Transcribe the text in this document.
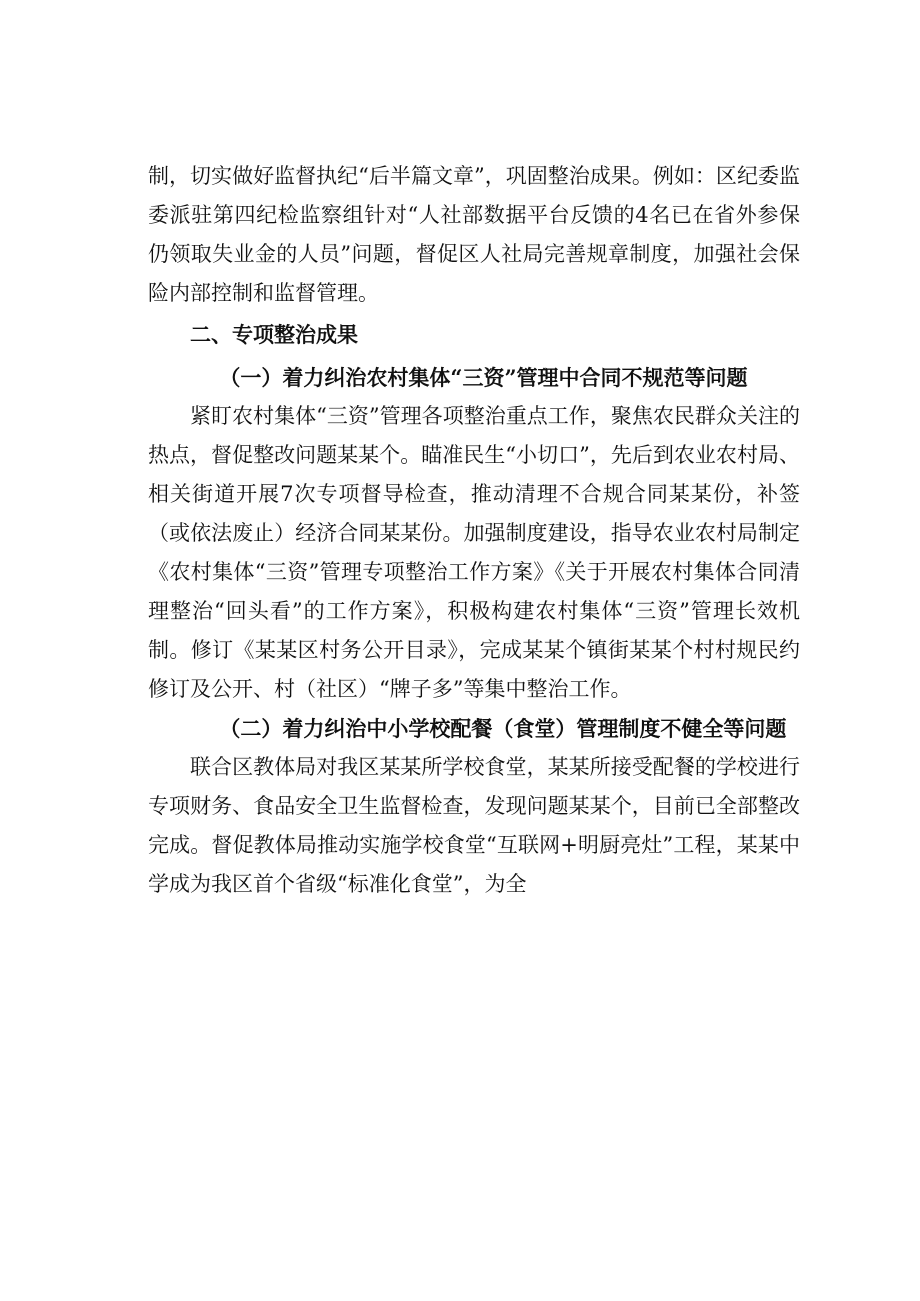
制，切实做好监督执纪“后半篇文章”，巩固整治成果。例如：区纪委监委派驻第四纪检监察组针对“人社部数据平台反馈的4名已在省外参保仍领取失业金的人员”问题，督促区人社局完善规章制度，加强社会保险内部控制和监督管理。

二、专项整治成果

（一）着力纠治农村集体“三资”管理中合同不规范等问题

紧盯农村集体“三资”管理各项整治重点工作，聚焦农民群众关注的热点，督促整改问题某某个。瞄准民生“小切口”，先后到农业农村局、相关街道开展7次专项督导检查，推动清理不合规合同某某份，补签（或依法废止）经济合同某某份。加强制度建设，指导农业农村局制定《农村集体“三资”管理专项整治工作方案》《关于开展农村集体合同清理整治“回头看”的工作方案》，积极构建农村集体“三资”管理长效机制。修订《某某区村务公开目录》，完成某某个镇街某某个村村规民约修订及公开、村（社区）“牌子多”等集中整治工作。

（二）着力纠治中小学校配餐（食堂）管理制度不健全等问题

联合区教体局对我区某某所学校食堂，某某所接受配餐的学校进行专项财务、食品安全卫生监督检查，发现问题某某个，目前已全部整改完成。督促教体局推动实施学校食堂“互联网+明厨亮灶”工程，某某中学成为我区首个省级“标准化食堂”，为全
